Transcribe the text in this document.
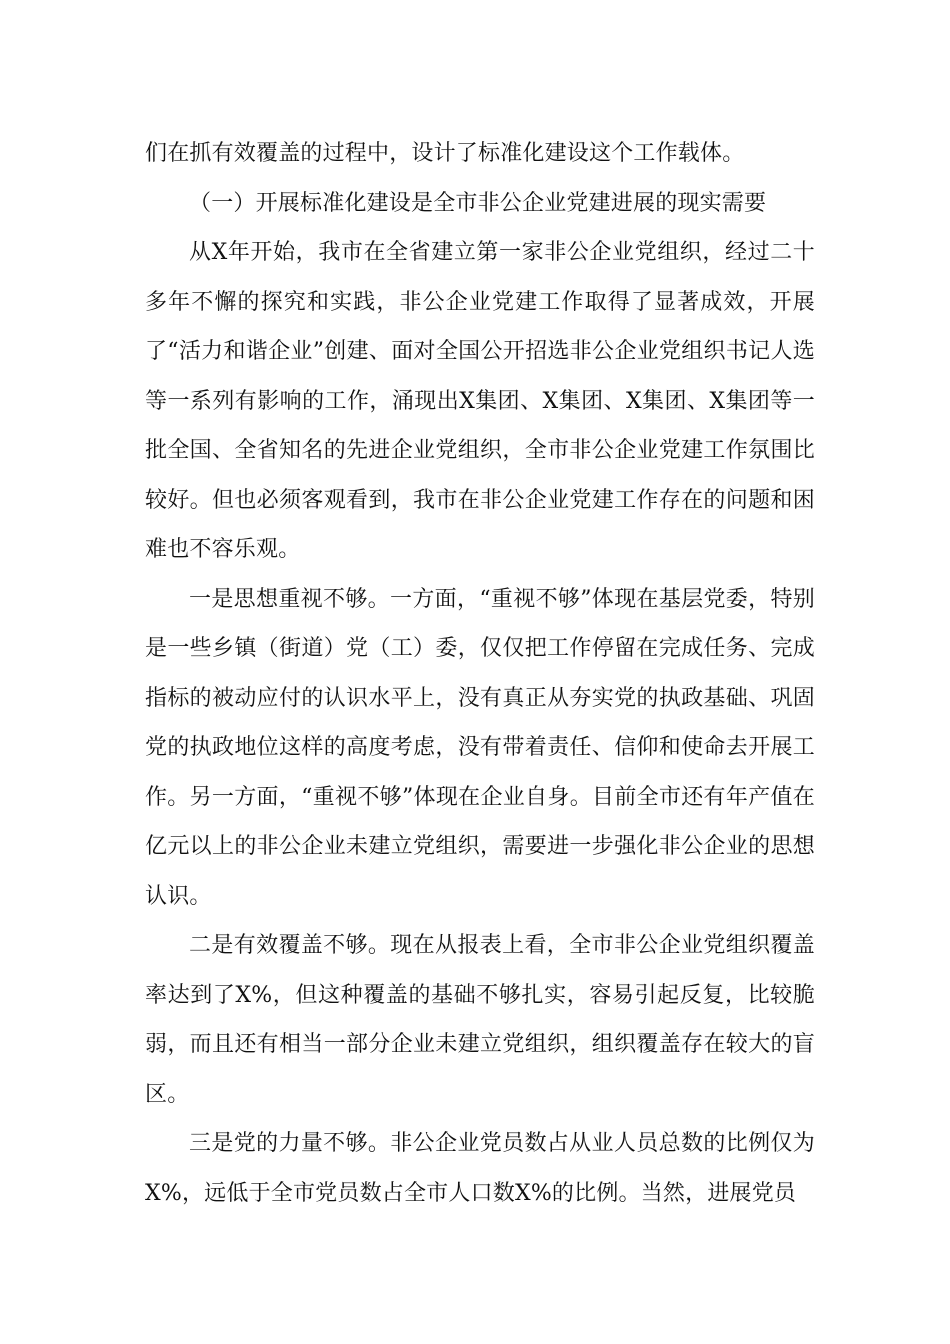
们在抓有效覆盖的过程中，设计了标准化建设这个工作载体。

（一）开展标准化建设是全市非公企业党建进展的现实需要

从X年开始，我市在全省建立第一家非公企业党组织，经过二十多年不懈的探究和实践，非公企业党建工作取得了显著成效，开展了“活力和谐企业”创建、面对全国公开招选非公企业党组织书记人选等一系列有影响的工作，涌现出X集团、X集团、X集团、X集团等一批全国、全省知名的先进企业党组织，全市非公企业党建工作氛围比较好。但也必须客观看到，我市在非公企业党建工作存在的问题和困难也不容乐观。

一是思想重视不够。一方面，“重视不够”体现在基层党委，特别是一些乡镇（街道）党（工）委，仅仅把工作停留在完成任务、完成指标的被动应付的认识水平上，没有真正从夯实党的执政基础、巩固党的执政地位这样的高度考虑，没有带着责任、信仰和使命去开展工作。另一方面，“重视不够”体现在企业自身。目前全市还有年产值在亿元以上的非公企业未建立党组织，需要进一步强化非公企业的思想认识。

二是有效覆盖不够。现在从报表上看，全市非公企业党组织覆盖率达到了X%，但这种覆盖的基础不够扎实，容易引起反复，比较脆弱，而且还有相当一部分企业未建立党组织，组织覆盖存在较大的盲区。

三是党的力量不够。非公企业党员数占从业人员总数的比例仅为X%，远低于全市党员数占全市人口数X%的比例。当然，进展党员
